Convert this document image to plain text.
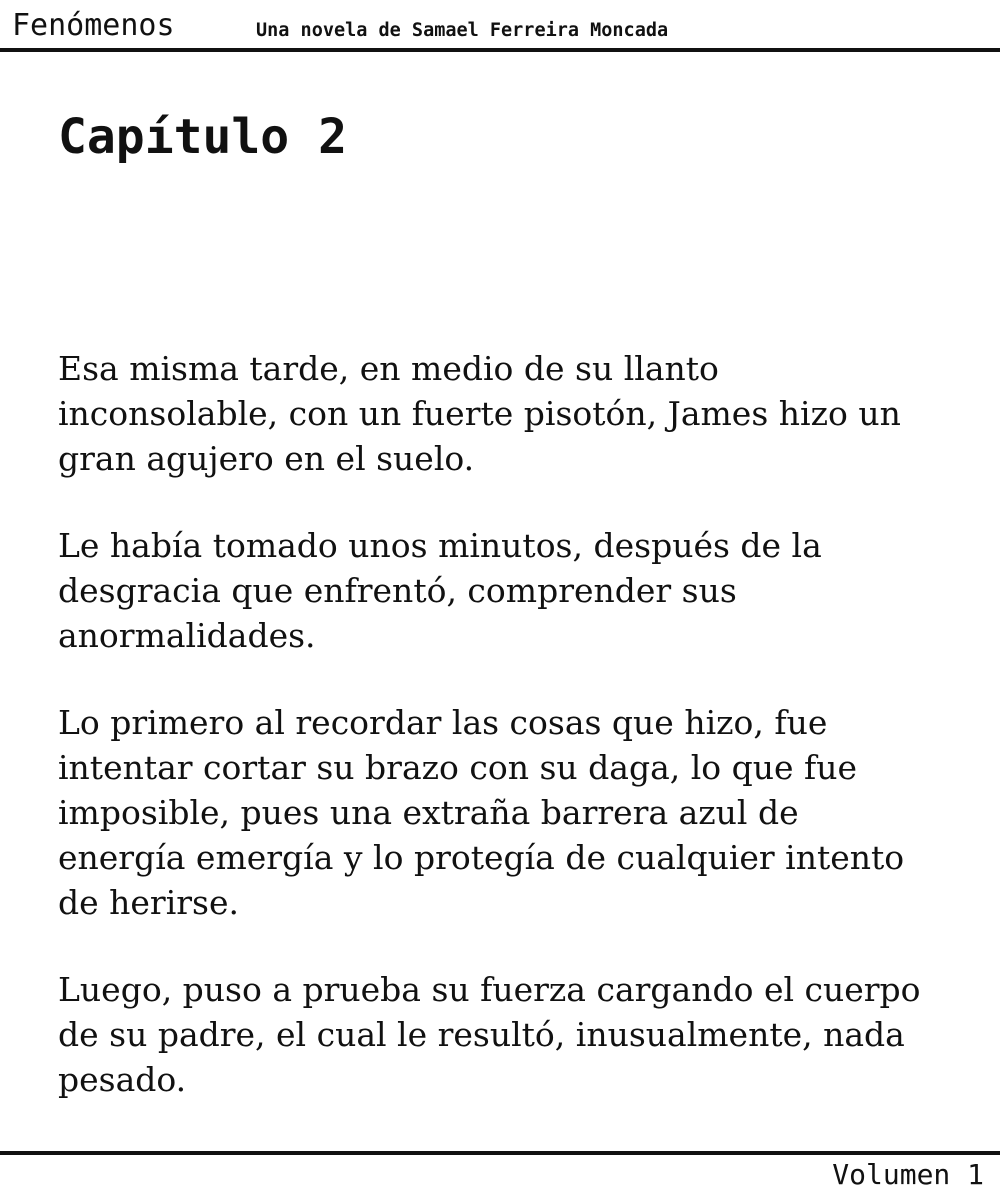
Fenómenos	Una novela de Samael Ferreira Moncada
Capítulo 2

Esa misma tarde, en medio de su llanto
inconsolable, con un fuerte pisotón, James hizo un
gran agujero en el suelo.

Le había tomado unos minutos, después de la
desgracia que enfrentó, comprender sus
anormalidades.

Lo primero al recordar las cosas que hizo, fue
intentar cortar su brazo con su daga, lo que fue
imposible, pues una extraña barrera azul de
energía emergía y lo protegía de cualquier intento
de herirse.

Luego, puso a prueba su fuerza cargando el cuerpo
de su padre, el cual le resultó, inusualmente, nada
pesado.

Volumen 1
